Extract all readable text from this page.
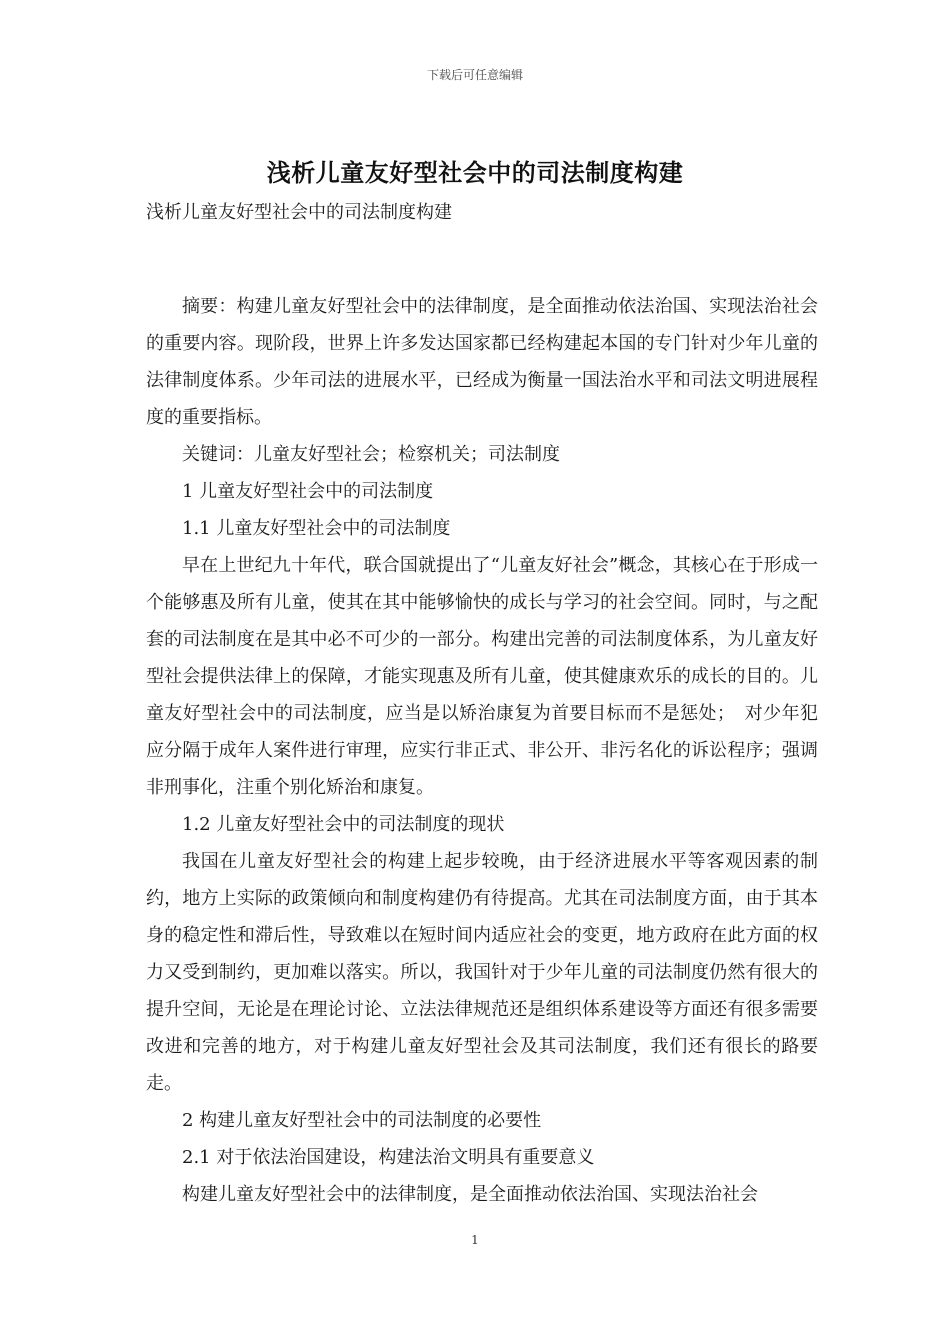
下载后可任意编辑
浅析儿童友好型社会中的司法制度构建

浅析儿童友好型社会中的司法制度构建

摘要：构建儿童友好型社会中的法律制度，是全面推动依法治国、实现法治社会的重要内容。现阶段，世界上许多发达国家都已经构建起本国的专门针对少年儿童的法律制度体系。少年司法的进展水平，已经成为衡量一国法治水平和司法文明进展程度的重要指标。

关键词：儿童友好型社会；检察机关；司法制度

1 儿童友好型社会中的司法制度

1.1 儿童友好型社会中的司法制度

早在上世纪九十年代，联合国就提出了“儿童友好社会”概念，其核心在于形成一个能够惠及所有儿童，使其在其中能够愉快的成长与学习的社会空间。同时，与之配套的司法制度在是其中必不可少的一部分。构建出完善的司法制度体系，为儿童友好型社会提供法律上的保障，才能实现惠及所有儿童，使其健康欢乐的成长的目的。儿童友好型社会中的司法制度，应当是以矫治康复为首要目标而不是惩处；　对少年犯应分隔于成年人案件进行审理，应实行非正式、非公开、非污名化的诉讼程序；强调非刑事化，注重个别化矫治和康复。

1.2 儿童友好型社会中的司法制度的现状

我国在儿童友好型社会的构建上起步较晚，由于经济进展水平等客观因素的制约，地方上实际的政策倾向和制度构建仍有待提高。尤其在司法制度方面，由于其本身的稳定性和滞后性，导致难以在短时间内适应社会的变更，地方政府在此方面的权力又受到制约，更加难以落实。所以，我国针对于少年儿童的司法制度仍然有很大的提升空间，无论是在理论讨论、立法法律规范还是组织体系建设等方面还有很多需要改进和完善的地方，对于构建儿童友好型社会及其司法制度，我们还有很长的路要走。

2 构建儿童友好型社会中的司法制度的必要性

2.1 对于依法治国建设，构建法治文明具有重要意义

构建儿童友好型社会中的法律制度，是全面推动依法治国、实现法治社会

1
